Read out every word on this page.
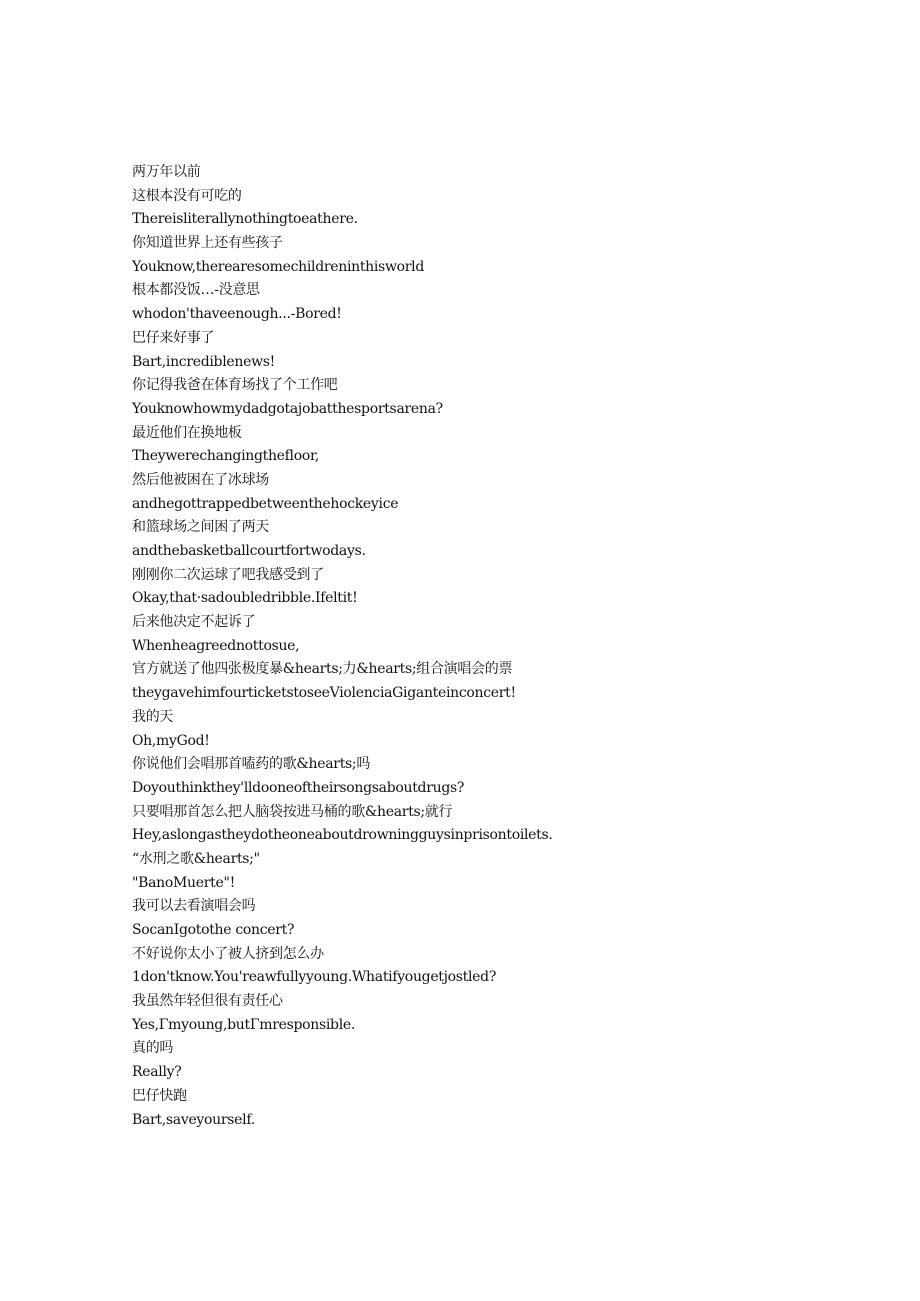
两万年以前
这根本没有可吃的
Thereisliterallynothingtoeathere.
你知道世界上还有些孩子
Youknow,therearesomechildreninthisworld
根本都没饭…-没意思
whodon'thaveenough...-Bored!
巴仔来好事了
Bart,incrediblenews!
你记得我爸在体育场找了个工作吧
Youknowhowmydadgotajobatthesportsarena?
最近他们在换地板
Theywerechangingthefloor,
然后他被困在了冰球场
andhegottrappedbetweenthehockeyice
和篮球场之间困了两天
andthebasketballcourtfortwodays.
刚刚你二次运球了吧我感受到了
Okay,that·sadoubledribble.Ifeltit!
后来他决定不起诉了
Whenheagreednottosue,
官方就送了他四张极度暴&hearts;力&hearts;组合演唱会的票
theygavehimfourticketstoseeViolenciaGiganteinconcert!
我的天
Oh,myGod!
你说他们会唱那首嗑药的歌&hearts;吗
Doyouthinkthey'lldooneoftheirsongsaboutdrugs?
只要唱那首怎么把人脑袋按进马桶的歌&hearts;就行
Hey,aslongastheydotheoneaboutdrowningguysinprisontoilets.
“水刑之歌&hearts;"
"BanoMuerte"!
我可以去看演唱会吗
SocanIgotothe concert?
不好说你太小了被人挤到怎么办
1don'tknow.You'reawfullyyoung.Whatifyougetjostled?
我虽然年轻但很有责任心
Yes,Γmyoung,butΓmresponsible.
真的吗
Really?
巴仔快跑
Bart,saveyourself.
